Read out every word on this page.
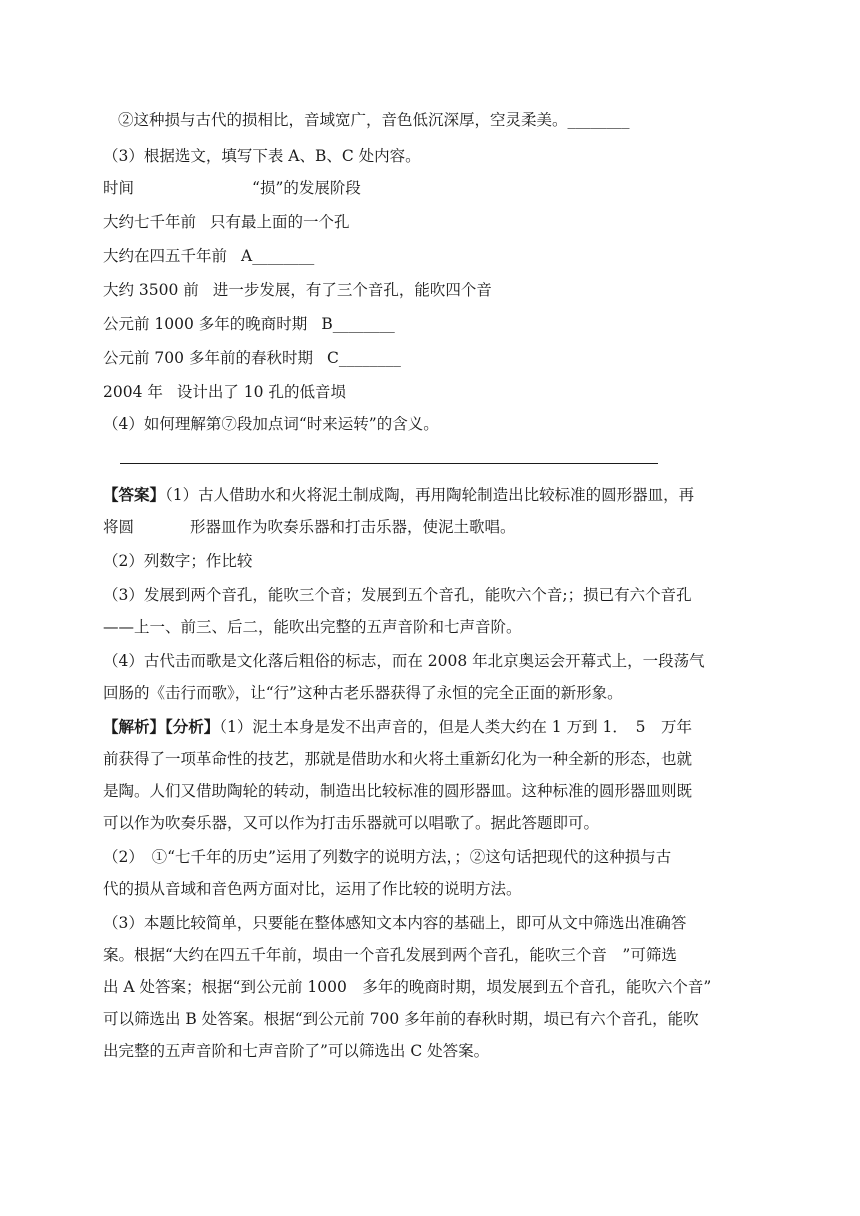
②这种损与古代的损相比，音域宽广，音色低沉深厚，空灵柔美。________
（3）根据选文，填写下表 A、B、C 处内容。
时间	“损”的发展阶段
大约七千年前 只有最上面的一个孔
大约在四五千年前 A________
大约 3500 前 进一步发展，有了三个音孔，能吹四个音
公元前 1000 多年的晚商时期 B________
公元前 700 多年前的春秋时期 C________
2004 年 设计出了 10 孔的低音埙
（4）如何理解第⑦段加点词“时来运转”的含义。
【答案】（1）古人借助水和火将泥土制成陶，再用陶轮制造出比较标准的圆形器皿，再
将圆	形器皿作为吹奏乐器和打击乐器，使泥土歌唱。
（2）列数字；作比较
（3）发展到两个音孔，能吹三个音；发展到五个音孔，能吹六个音;；损已有六个音孔
——上一、前三、后二，能吹出完整的五声音阶和七声音阶。
（4）古代击而歌是文化落后粗俗的标志，而在 2008 年北京奥运会开幕式上，一段荡气
回肠的《击行而歌》，让“行”这种古老乐器获得了永恒的完全正面的新形象。
【解析】【分析】（1）泥土本身是发不出声音的，但是人类大约在 1 万到 1．　5　万年
前获得了一项革命性的技艺，那就是借助水和火将土重新幻化为一种全新的形态，也就
是陶。人们又借助陶轮的转动，制造出比较标准的圆形器皿。这种标准的圆形器皿则既
可以作为吹奏乐器，又可以作为打击乐器就可以唱歌了。据此答题即可。
（2）　①“七千年的历史”运用了列数字的说明方法，；②这句话把现代的这种损与古
代的损从音域和音色两方面对比，运用了作比较的说明方法。
（3）本题比较简单，只要能在整体感知文本内容的基础上，即可从文中筛选出准确答
案。根据“大约在四五千年前，埙由一个音孔发展到两个音孔，能吹三个音　”可筛选
出 A 处答案；根据“到公元前 1000　多年的晚商时期，埙发展到五个音孔，能吹六个音”
可以筛选出 B 处答案。根据“到公元前 700 多年前的春秋时期，埙已有六个音孔，能吹
出完整的五声音阶和七声音阶了”可以筛选出 C 处答案。
